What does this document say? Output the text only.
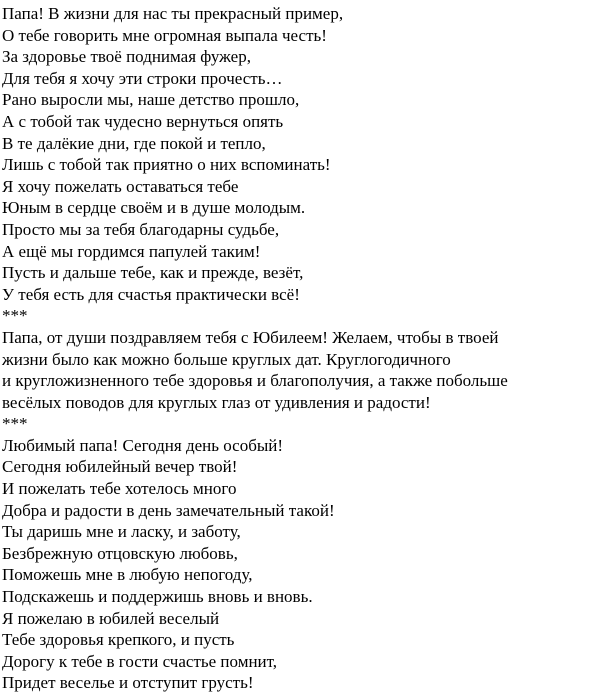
Папа! В жизни для нас ты прекрасный пример,
О тебе говорить мне огромная выпала честь!
За здоровье твоё поднимая фужер,
Для тебя я хочу эти строки прочесть…
Рано выросли мы, наше детство прошло,
А с тобой так чудесно вернуться опять
В те далёкие дни, где покой и тепло,
Лишь с тобой так приятно о них вспоминать!
Я хочу пожелать оставаться тебе
Юным в сердце своём и в душе молодым.
Просто мы за тебя благодарны судьбе,
А ещё мы гордимся папулей таким!
Пусть и дальше тебе, как и прежде, везёт,
У тебя есть для счастья практически всё!
***
Папа, от души поздравляем тебя с Юбилеем! Желаем, чтобы в твоей
жизни было как можно больше круглых дат. Круглогодичного
и кругложизненного тебе здоровья и благополучия, а также побольше
весёлых поводов для круглых глаз от удивления и радости!
***
Любимый папа! Сегодня день особый!
Сегодня юбилейный вечер твой!
И пожелать тебе хотелось много
Добра и радости в день замечательный такой!
Ты даришь мне и ласку, и заботу,
Безбрежную отцовскую любовь,
Поможешь мне в любую непогоду,
Подскажешь и поддержишь вновь и вновь.
Я пожелаю в юбилей веселый
Тебе здоровья крепкого, и пусть
Дорогу к тебе в гости счастье помнит,
Придет веселье и отступит грусть!
